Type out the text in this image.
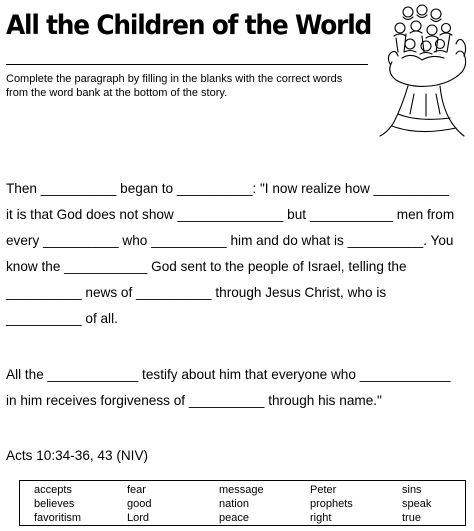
All the Children of the World

Complete the paragraph by filling in the blanks with the correct words
from the word bank at the bottom of the story.

Then __________ began to __________: "I now realize how __________
it is that God does not show ______________ but ___________ men from
every __________ who __________ him and do what is __________. You
know the ___________ God sent to the people of Israel, telling the
__________ news of __________ through Jesus Christ, who is
__________ of all.
All the ____________ testify about him that everyone who ____________
in him receives forgiveness of __________ through his name."

Acts 10:34-36, 43 (NIV)

accepts
believes
favoritism
fear
good
Lord
message
nation
peace
Peter
prophets
right
sins
speak
true
